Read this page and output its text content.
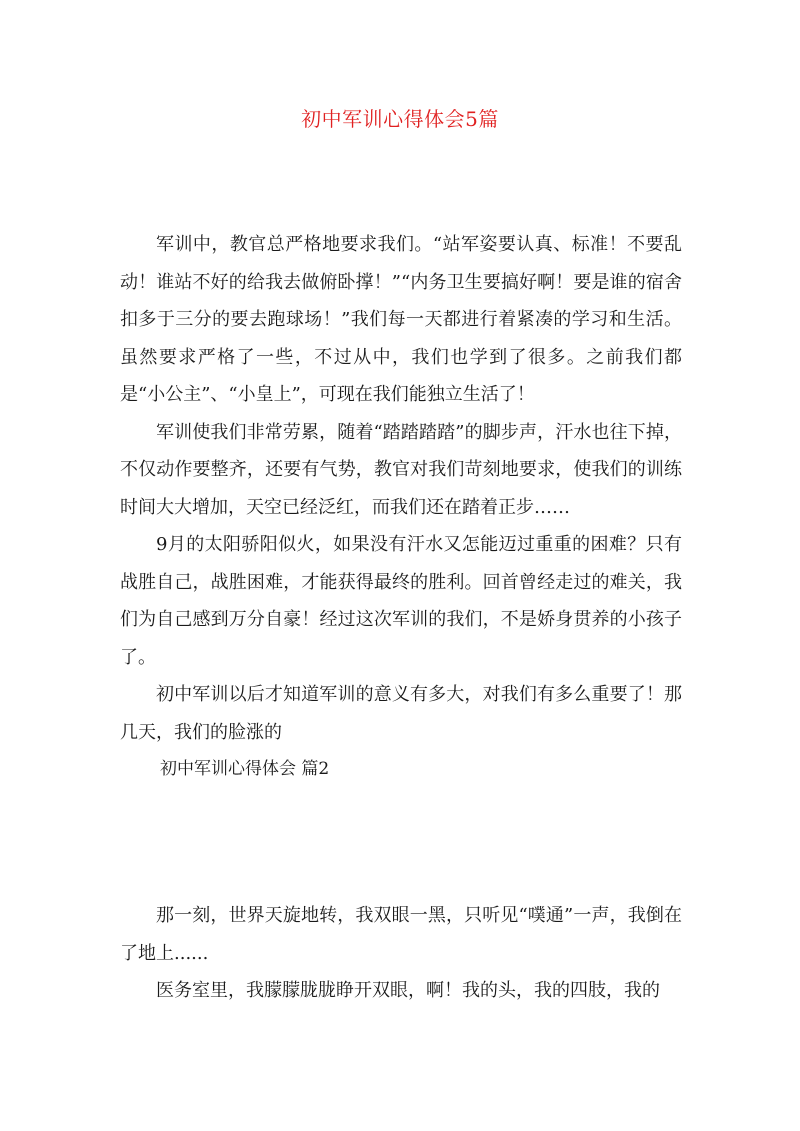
初中军训心得体会5篇

军训中，教官总严格地要求我们。“站军姿要认真、标准！不要乱动！谁站不好的给我去做俯卧撑！”“内务卫生要搞好啊！要是谁的宿舍扣多于三分的要去跑球场！”我们每一天都进行着紧凑的学习和生活。虽然要求严格了一些，不过从中，我们也学到了很多。之前我们都是“小公主”、“小皇上”，可现在我们能独立生活了！

军训使我们非常劳累，随着“踏踏踏踏”的脚步声，汗水也往下掉，不仅动作要整齐，还要有气势，教官对我们苛刻地要求，使我们的训练时间大大增加，天空已经泛红，而我们还在踏着正步……

9月的太阳骄阳似火，如果没有汗水又怎能迈过重重的困难？只有战胜自己，战胜困难，才能获得最终的胜利。回首曾经走过的难关，我们为自己感到万分自豪！经过这次军训的我们，不是娇身贯养的小孩子了。

初中军训以后才知道军训的意义有多大，对我们有多么重要了！那几天，我们的脸涨的

初中军训心得体会 篇2

那一刻，世界天旋地转，我双眼一黑，只听见“噗通”一声，我倒在了地上......

医务室里，我朦朦胧胧睁开双眼，啊！我的头，我的四肢，我的
